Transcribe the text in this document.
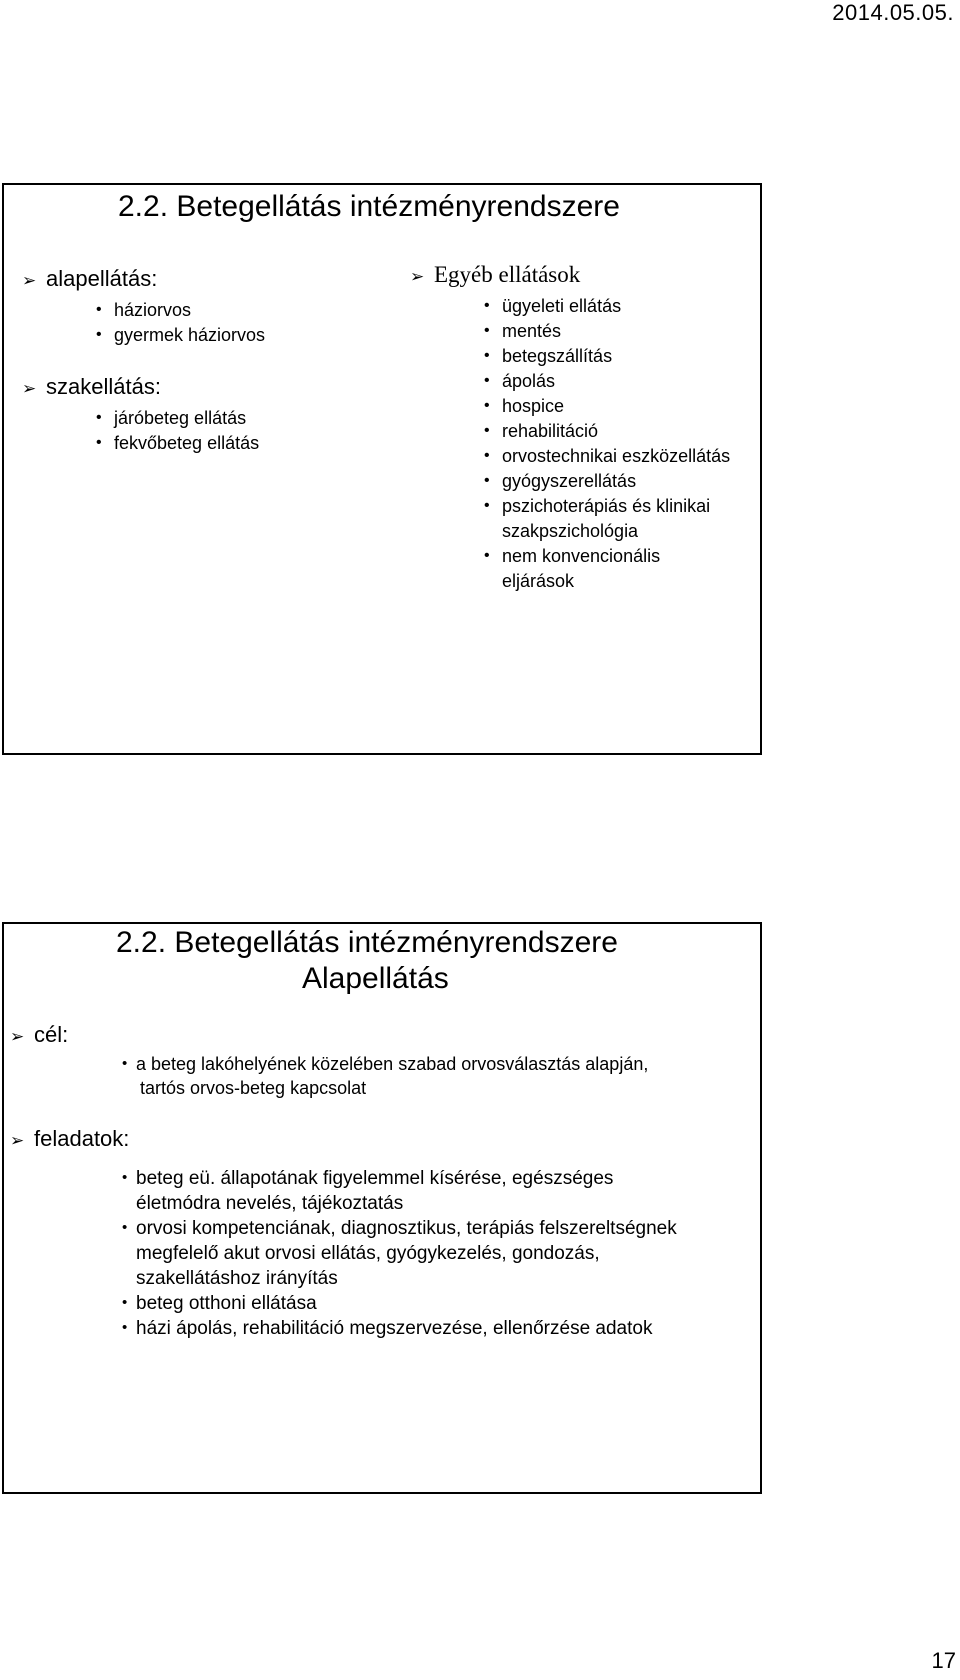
2014.05.05.
2.2. Betegellátás intézményrendszere
➢ alapellátás:
• háziorvos
• gyermek háziorvos
➢ szakellátás:
• járóbeteg ellátás
• fekvőbeteg ellátás
➢ Egyéb ellátások
• ügyeleti ellátás
• mentés
• betegszállítás
• ápolás
• hospice
• rehabilitáció
• orvostechnikai eszközellátás
• gyógyszerellátás
• pszichoterápiás és klinikai
szakpszichológia
• nem konvencionális
eljárások
2.2. Betegellátás intézményrendszere
Alapellátás
➢ cél:
• a beteg lakóhelyének közelében szabad orvosválasztás alapján,
tartós orvos-beteg kapcsolat
➢ feladatok:
• beteg eü. állapotának figyelemmel kísérése, egészséges
életmódra nevelés, tájékoztatás
• orvosi kompetenciának, diagnosztikus, terápiás felszereltségnek
megfelelő akut orvosi ellátás, gyógykezelés, gondozás,
szakellátáshoz irányítás
• beteg otthoni ellátása
• házi ápolás, rehabilitáció megszervezése, ellenőrzése adatok
17
